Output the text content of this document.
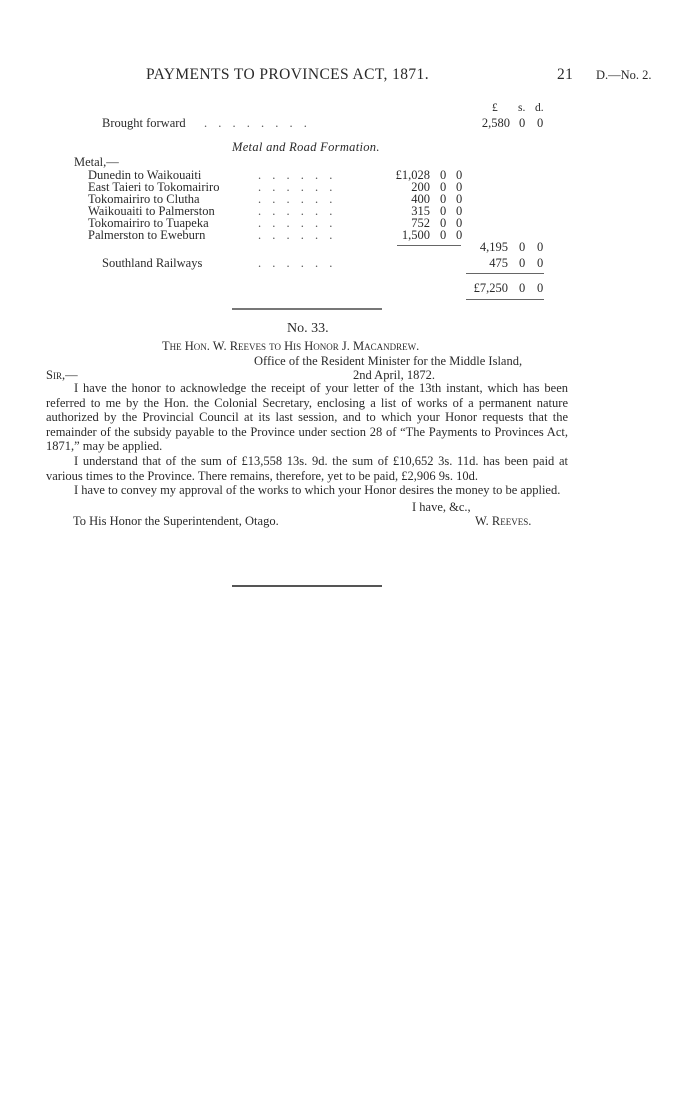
PAYMENTS TO PROVINCES ACT, 1871.	21 D.—No. 2.
£ s. d.
Brought forward . . . . . . . .	2,580 0 0
Metal and Road Formation.
Metal,—
Dunedin to Waikouaiti	. . . . . .	£1,028 0 0
East Taieri to Tokomairiro	. . . . . .	200 0 0
Tokomairiro to Clutha	. . . . . .	400 0 0
Waikouaiti to Palmerston	. . . . . .	315 0 0
Tokomairiro to Tuapeka	. . . . . .	752 0 0
Palmerston to Eweburn	. . . . . .	1,500 0 0
4,195 0 0
Southland Railways	. . . . . .	475 0 0
£7,250 0 0
No. 33.
The Hon. W. Reeves to His Honor J. Macandrew.
Office of the Resident Minister for the Middle Island,
Sir,—	2nd April, 1872.

I have the honor to acknowledge the receipt of your letter of the 13th instant, which has been referred to me by the Hon. the Colonial Secretary, enclosing a list of works of a permanent nature authorized by the Provincial Council at its last session, and to which your Honor requests that the remainder of the subsidy payable to the Province under section 28 of “The Payments to Provinces Act, 1871,” may be applied.

I understand that of the sum of £13,558 13s. 9d. the sum of £10,652 3s. 11d. has been paid at various times to the Province. There remains, therefore, yet to be paid, £2,906 9s. 10d.

I have to convey my approval of the works to which your Honor desires the money to be applied.

I have, &c.,
To His Honor the Superintendent, Otago.	W. Reeves.
